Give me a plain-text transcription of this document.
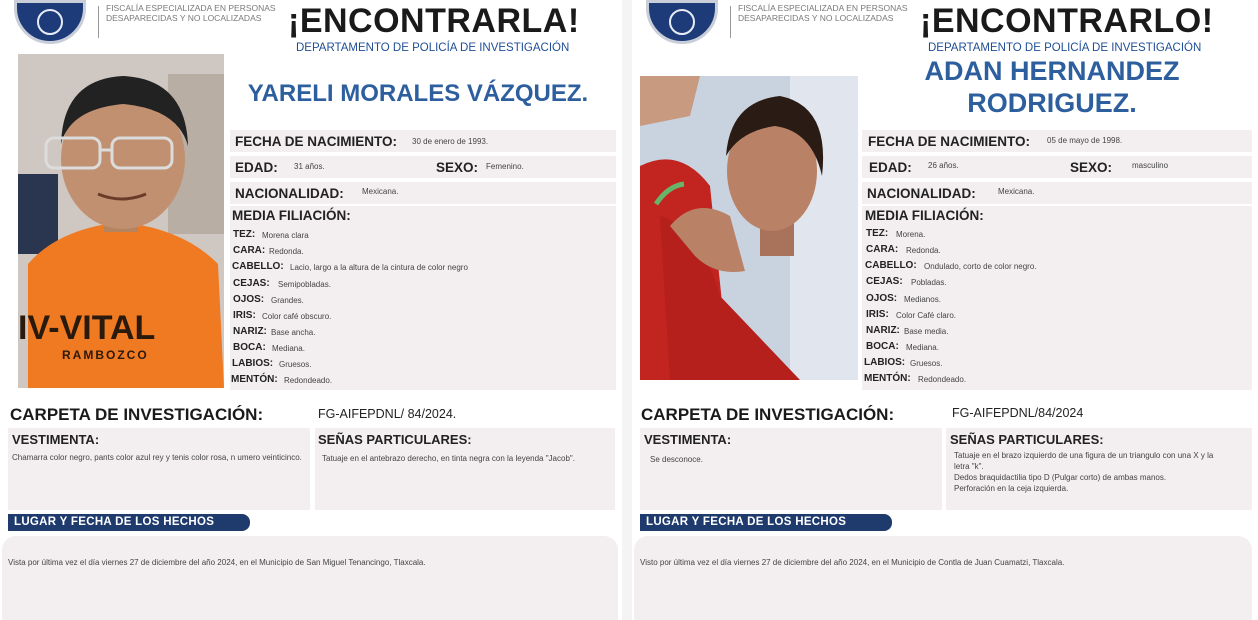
FISCALÍA ESPECIALIZADA EN PERSONAS DESAPARECIDAS Y NO LOCALIZADAS ¡ENCONTRARLA!
DEPARTAMENTO DE POLICÍA DE INVESTIGACIÓN
IV-VITAL
RAMBOZCO
YARELI MORALES VÁZQUEZ.
FECHA DE NACIMIENTO: 30 de enero de 1993.
EDAD: 31 años.	SEXO: Femenino.
NACIONALIDAD: Mexicana.
MEDIA FILIACIÓN:
TEZ: Morena clara
CARA: Redonda.
CABELLO: Lacio, largo a la altura de la cintura de color negro
CEJAS: Semipobladas.
OJOS: Grandes.
IRIS: Color café obscuro.
NARIZ: Base ancha.
BOCA: Mediana.
LABIOS: Gruesos.
MENTÓN: Redondeado.
CARPETA DE INVESTIGACIÓN:	FG-AIFEPDNL/ 84/2024.
VESTIMENTA:
Chamarra color negro, pants color azul rey y tenis color rosa, n umero veinticinco.
SEÑAS PARTICULARES:
Tatuaje en el antebrazo derecho, en tinta negra con la leyenda "Jacob".
LUGAR Y FECHA DE LOS HECHOS
Vista por última vez el día viernes 27 de diciembre del año 2024, en el Municipio de San Miguel Tenancingo, Tlaxcala.
FISCALÍA ESPECIALIZADA EN PERSONAS DESAPARECIDAS Y NO LOCALIZADAS ¡ENCONTRARLO!
DEPARTAMENTO DE POLICÍA DE INVESTIGACIÓN
ADAN HERNANDEZ
RODRIGUEZ.
FECHA DE NACIMIENTO: 05 de mayo de 1998.
EDAD: 26 años.	SEXO: masculino
NACIONALIDAD:	Mexicana.
MEDIA FILIACIÓN:
TEZ: Morena.
CARA: Redonda.
CABELLO: Ondulado, corto de color negro.
CEJAS: Pobladas.
OJOS: Medianos.
IRIS: Color Café claro.
NARIZ: Base media.
BOCA: Mediana.
LABIOS: Gruesos.
MENTÓN: Redondeado.
CARPETA DE INVESTIGACIÓN:	FG-AIFEPDNL/84/2024
VESTIMENTA:
Se desconoce.
SEÑAS PARTICULARES:
Tatuaje en el brazo izquierdo de una figura de un triangulo con una X y la
letra "k".
Dedos braquidactilia tipo D (Pulgar corto) de ambas manos.
Perforación en la ceja izquierda.
LUGAR Y FECHA DE LOS HECHOS
Visto por última vez el día viernes 27 de diciembre del año 2024, en el Municipio de Contla de Juan Cuamatzi, Tlaxcala.
